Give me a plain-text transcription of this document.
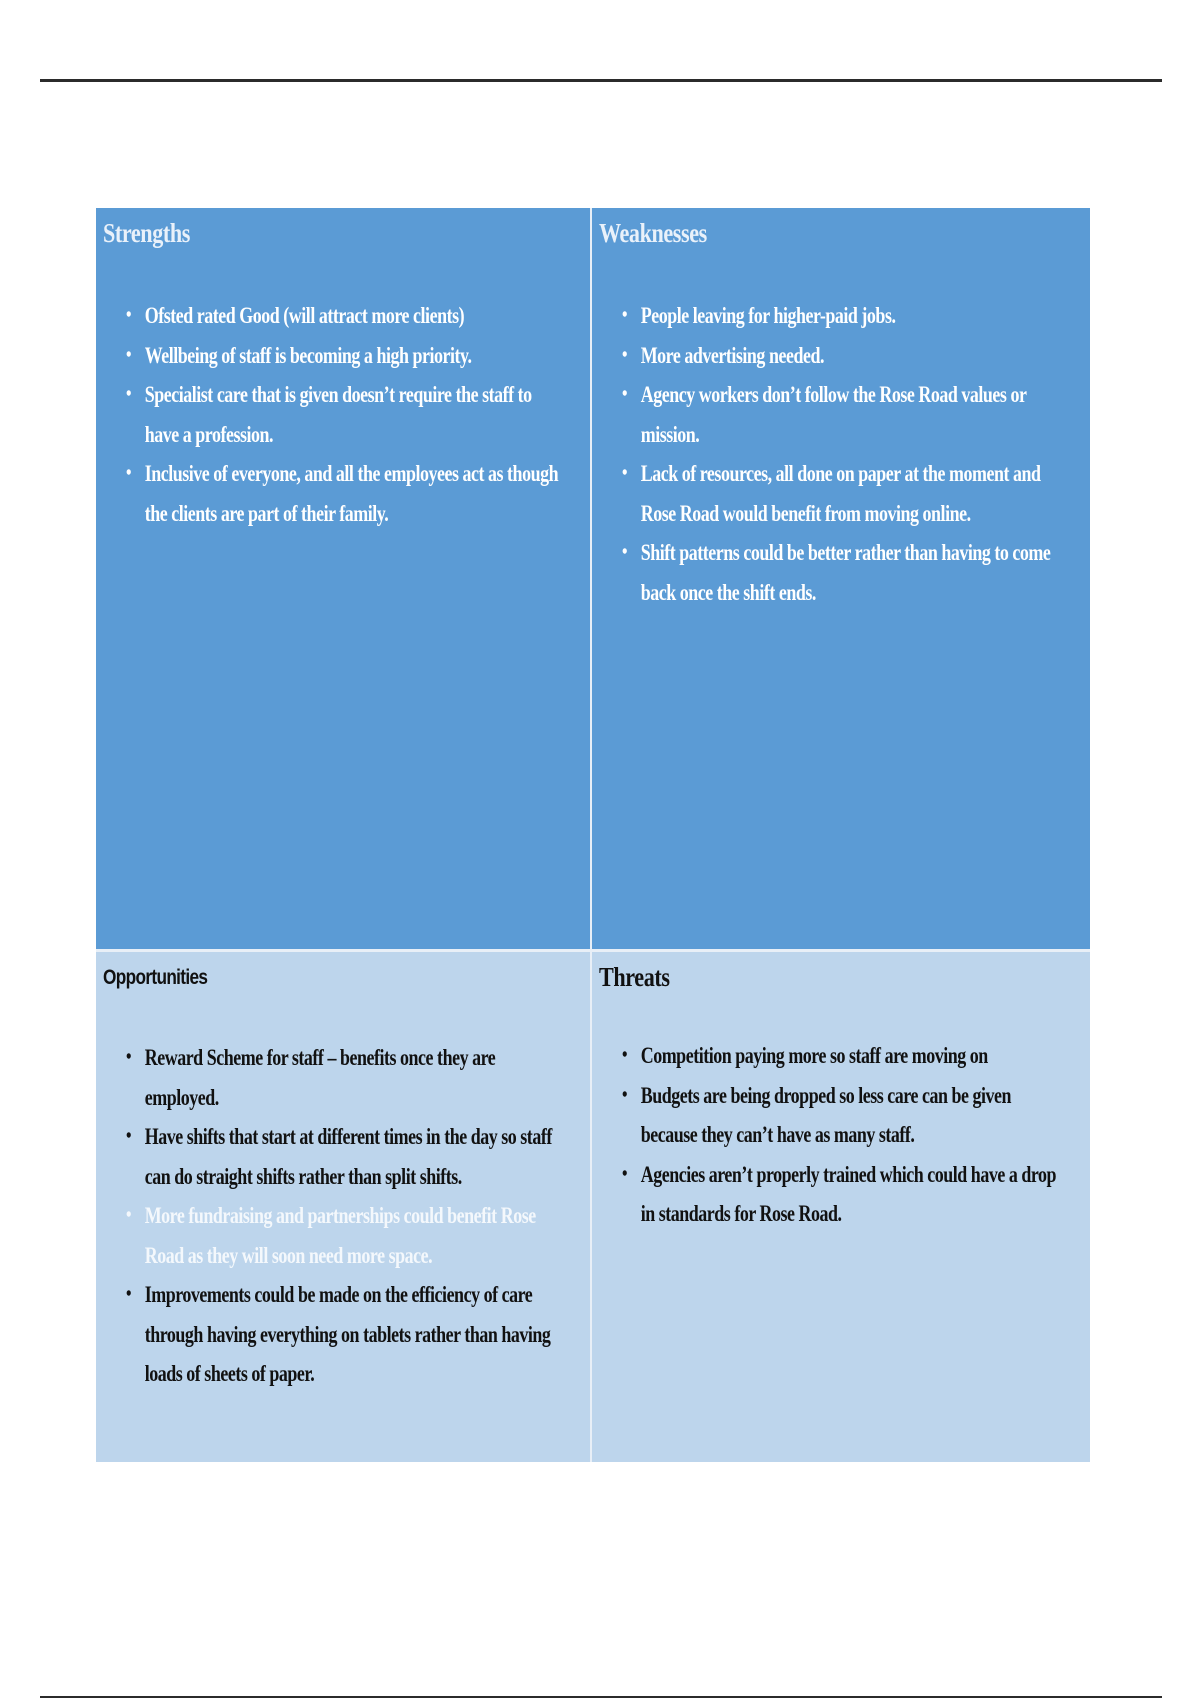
Strengths
• Ofsted rated Good (will attract more clients)
• Wellbeing of staff is becoming a high priority.
• Specialist care that is given doesn’t require the staff to have a profession.
• Inclusive of everyone, and all the employees act as though the clients are part of their family.
Weaknesses
• People leaving for higher-paid jobs.
• More advertising needed.
• Agency workers don’t follow the Rose Road values or mission.
• Lack of resources, all done on paper at the moment and Rose Road would benefit from moving online.
• Shift patterns could be better rather than having to come back once the shift ends.
Opportunities
• Reward Scheme for staff – benefits once they are employed.
• Have shifts that start at different times in the day so staff can do straight shifts rather than split shifts.
• More fundraising and partnerships could benefit Rose Road as they will soon need more space.
• Improvements could be made on the efficiency of care through having everything on tablets rather than having loads of sheets of paper.
Threats
• Competition paying more so staff are moving on
• Budgets are being dropped so less care can be given because they can’t have as many staff.
• Agencies aren’t properly trained which could have a drop in standards for Rose Road.
